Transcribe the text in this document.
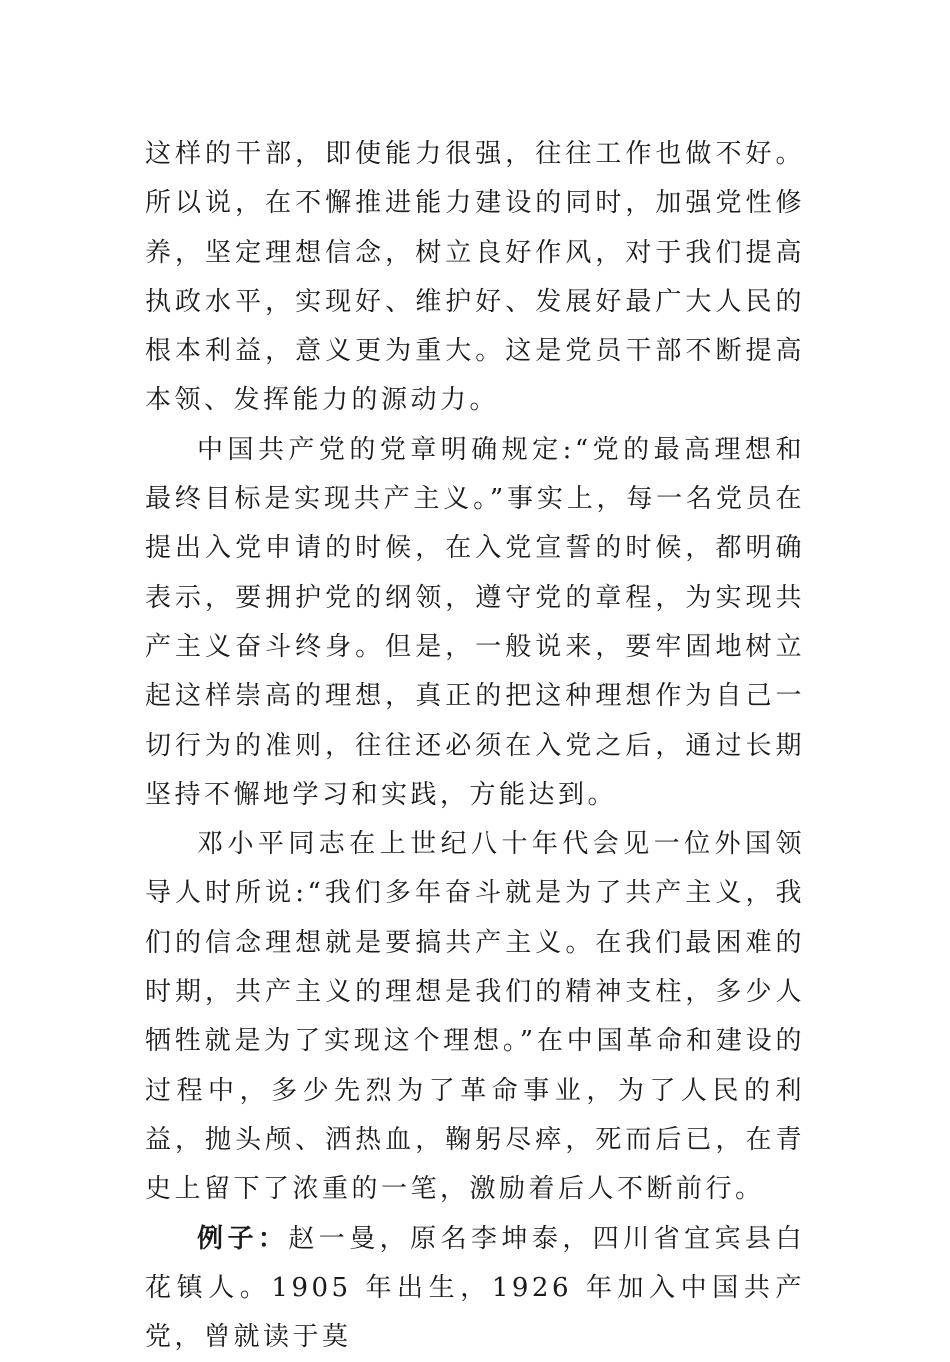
这样的干部，即使能力很强，往往工作也做不好。所以说，在不懈推进能力建设的同时，加强党性修养，坚定理想信念，树立良好作风，对于我们提高执政水平，实现好、维护好、发展好最广大人民的根本利益，意义更为重大。这是党员干部不断提高本领、发挥能力的源动力。

中国共产党的党章明确规定:“党的最高理想和最终目标是实现共产主义。”事实上，每一名党员在提出入党申请的时候，在入党宣誓的时候，都明确表示，要拥护党的纲领，遵守党的章程，为实现共产主义奋斗终身。但是，一般说来，要牢固地树立起这样崇高的理想，真正的把这种理想作为自己一切行为的准则，往往还必须在入党之后，通过长期坚持不懈地学习和实践，方能达到。

邓小平同志在上世纪八十年代会见一位外国领导人时所说:“我们多年奋斗就是为了共产主义，我们的信念理想就是要搞共产主义。在我们最困难的时期，共产主义的理想是我们的精神支柱，多少人牺牲就是为了实现这个理想。”在中国革命和建设的过程中，多少先烈为了革命事业，为了人民的利益，抛头颅、洒热血，鞠躬尽瘁，死而后已，在青史上留下了浓重的一笔，激励着后人不断前行。

例子：赵一曼，原名李坤泰，四川省宜宾县白花镇人。1905 年出生，1926 年加入中国共产党，曾就读于莫
